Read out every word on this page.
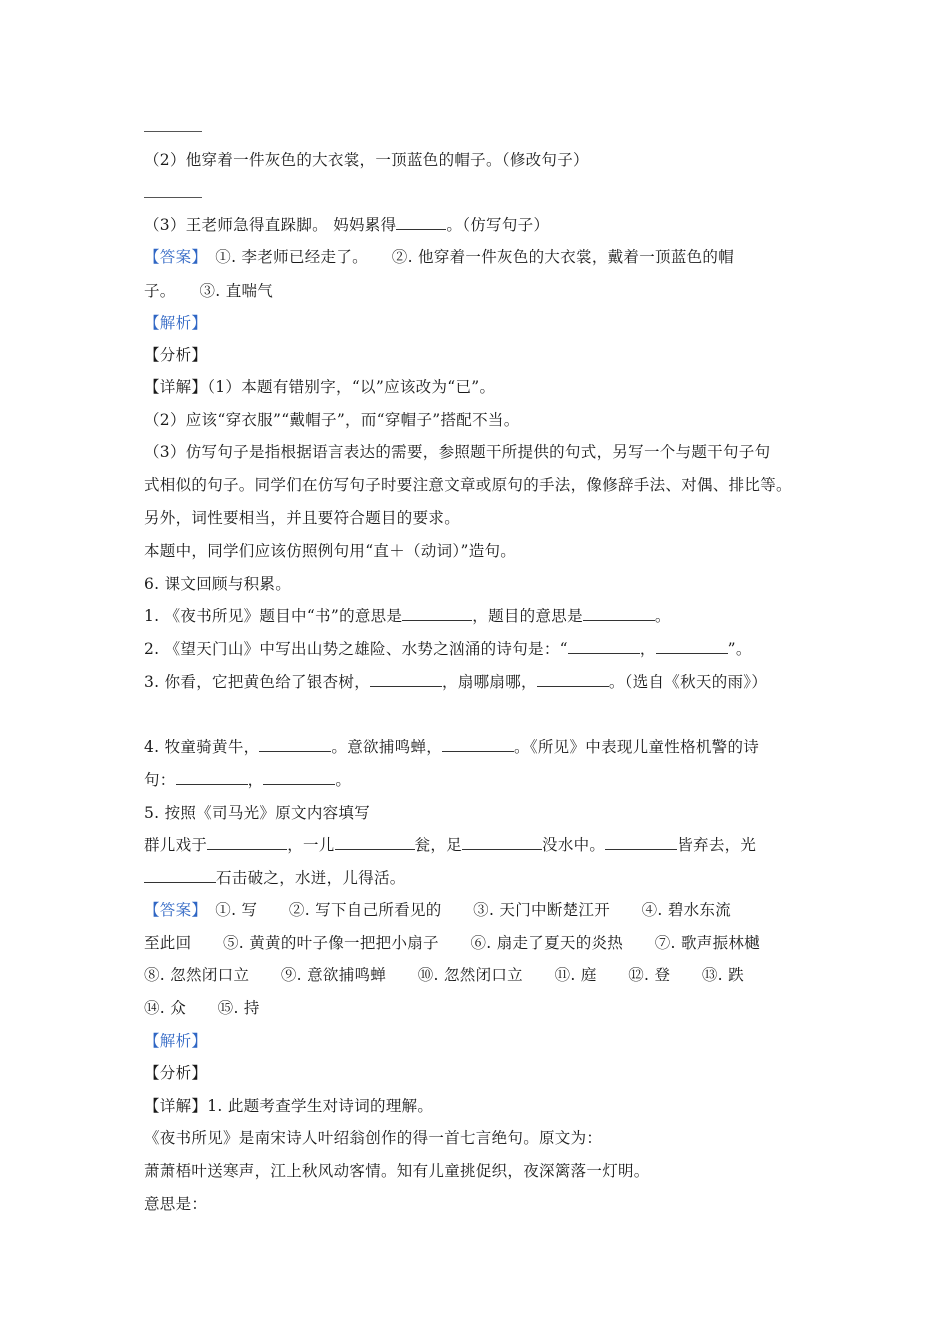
（2）他穿着一件灰色的大衣裳，一顶蓝色的帽子。（修改句子）
（3）王老师急得直跺脚。 妈妈累得	。（仿写句子）
【答案】　 ①. 李老师已经走了。　　②. 他穿着一件灰色的大衣裳，戴着一顶蓝色的帽
子。　　③. 直喘气
【解析】
【分析】
【详解】（1）本题有错别字，“以”应该改为“已”。
（2）应该“穿衣服”“戴帽子”，而“穿帽子”搭配不当。
（3）仿写句子是指根据语言表达的需要，参照题干所提供的句式，另写一个与题干句子句
式相似的句子。同学们在仿写句子时要注意文章或原句的手法，像修辞手法、对偶、排比等。
另外，词性要相当，并且要符合题目的要求。
本题中，同学们应该仿照例句用“直＋（动词）”造句。
6. 课文回顾与积累。
1. 《夜书所见》题目中“书”的意思是	，题目的意思是	。
2. 《望天门山》中写出山势之雄险、水势之汹涌的诗句是：“	，	”。
3. 你看，它把黄色给了银杏树，	，扇哪扇哪，	。（选自《秋天的雨》）
4. 牧童骑黄牛，	。意欲捕鸣蝉，	。《所见》中表现儿童性格机警的诗
句：	，	。
5. 按照《司马光》原文内容填写
群儿戏于	，一儿	瓮，足	没水中。	皆弃去，光
石击破之，水迸，儿得活。
【答案】　 ①. 写　　②. 写下自己所看见的　　③. 天门中断楚江开　　④. 碧水东流
至此回　　⑤. 黄黄的叶子像一把把小扇子　　⑥. 扇走了夏天的炎热　　⑦. 歌声振林樾
⑧. 忽然闭口立　　⑨. 意欲捕鸣蝉　　⑩. 忽然闭口立　　⑪. 庭　　⑫. 登　　⑬. 跌
⑭. 众　　⑮. 持
【解析】
【分析】
【详解】1. 此题考查学生对诗词的理解。
《夜书所见》是南宋诗人叶绍翁创作的得一首七言绝句。原文为：
萧萧梧叶送寒声，江上秋风动客情。知有儿童挑促织，夜深篱落一灯明。
意思是：
